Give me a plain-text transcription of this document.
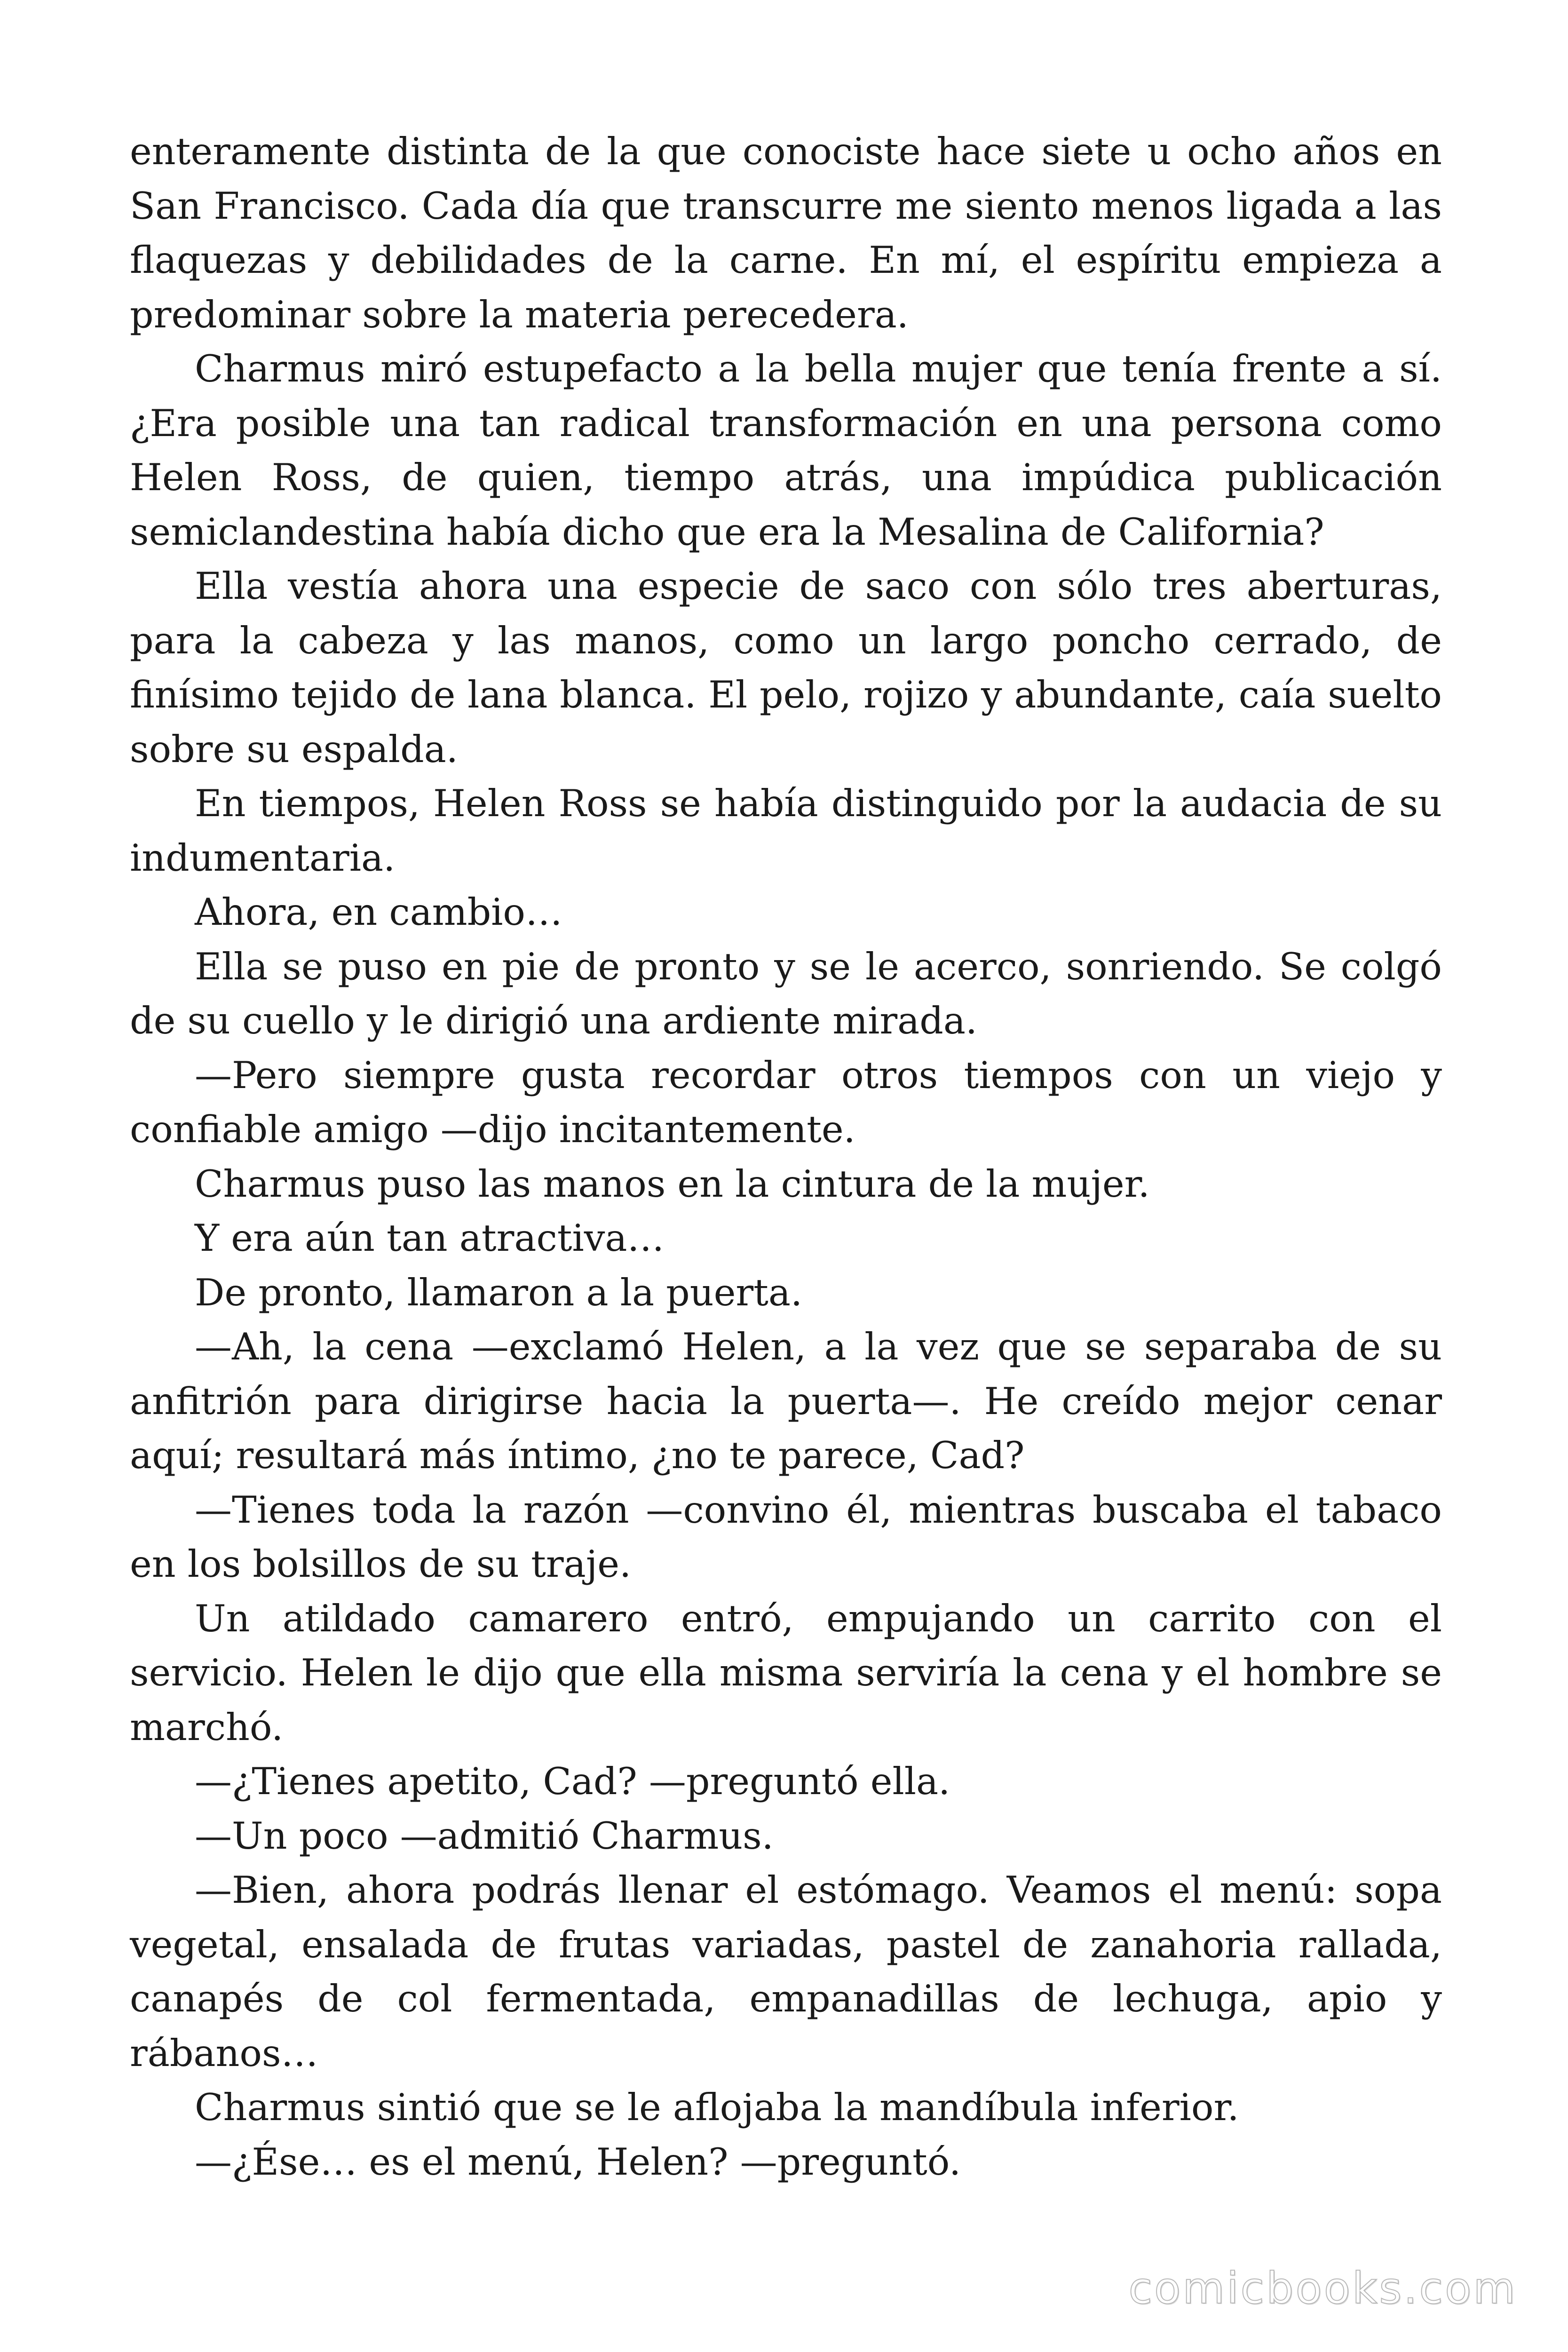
enteramente distinta de la que conociste hace siete u ocho años en San Francisco. Cada día que transcurre me siento menos ligada a las flaquezas y debilidades de la carne. En mí, el espíritu empieza a predominar sobre la materia perecedera.

Charmus miró estupefacto a la bella mujer que tenía frente a sí. ¿Era posible una tan radical transformación en una persona como Helen Ross, de quien, tiempo atrás, una impúdica publicación semiclandestina había dicho que era la Mesalina de California?

Ella vestía ahora una especie de saco con sólo tres aberturas, para la cabeza y las manos, como un largo poncho cerrado, de finísimo tejido de lana blanca. El pelo, rojizo y abundante, caía suelto sobre su espalda.

En tiempos, Helen Ross se había distinguido por la audacia de su indumentaria.

Ahora, en cambio…

Ella se puso en pie de pronto y se le acerco, sonriendo. Se colgó de su cuello y le dirigió una ardiente mirada.

—Pero siempre gusta recordar otros tiempos con un viejo y confiable amigo —dijo incitantemente.

Charmus puso las manos en la cintura de la mujer.

Y era aún tan atractiva…

De pronto, llamaron a la puerta.

—Ah, la cena —exclamó Helen, a la vez que se separaba de su anfitrión para dirigirse hacia la puerta—. He creído mejor cenar aquí; resultará más íntimo, ¿no te parece, Cad?

—Tienes toda la razón —convino él, mientras buscaba el tabaco en los bolsillos de su traje.

Un atildado camarero entró, empujando un carrito con el servicio. Helen le dijo que ella misma serviría la cena y el hombre se marchó.

—¿Tienes apetito, Cad? —preguntó ella.

—Un poco —admitió Charmus.

—Bien, ahora podrás llenar el estómago. Veamos el menú: sopa vegetal, ensalada de frutas variadas, pastel de zanahoria rallada, canapés de col fermentada, empanadillas de lechuga, apio y rábanos…

Charmus sintió que se le aflojaba la mandíbula inferior.

—¿Ése… es el menú, Helen? —preguntó.

comicbooks.com
